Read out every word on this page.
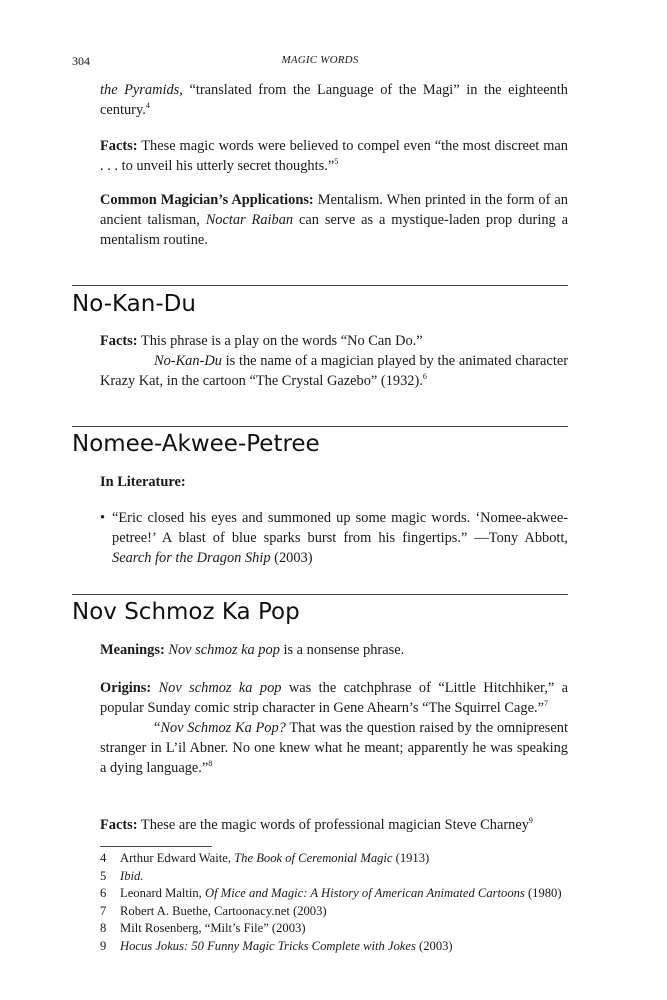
304	MAGIC WORDS

the Pyramids, “translated from the Language of the Magi” in the eighteenth century.$^4$

Facts: These magic words were believed to compel even “the most discreet man . . . to unveil his utterly secret thoughts.”$^5$

Common Magician’s Applications: Mentalism. When printed in the form of an ancient talisman, Noctar Raiban can serve as a mystique-laden prop during a mentalism routine.

No-Kan-Du

Facts: This phrase is a play on the words “No Can Do.”

No-Kan-Du is the name of a magician played by the animated character Krazy Kat, in the cartoon “The Crystal Gazebo” (1932).$^6$

Nomee-Akwee-Petree

In Literature:

• “Eric closed his eyes and summoned up some magic words. ‘Nomee-akwee-petree!’ A blast of blue sparks burst from his fingertips.” —Tony Abbott, Search for the Dragon Ship (2003)

Nov Schmoz Ka Pop

Meanings: Nov schmoz ka pop is a nonsense phrase.

Origins: Nov schmoz ka pop was the catchphrase of “Little Hitchhiker,” a popular Sunday comic strip character in Gene Ahearn’s “The Squirrel Cage.”$^7$

“Nov Schmoz Ka Pop? That was the question raised by the omnipresent stranger in L’il Abner. No one knew what he meant; apparently he was speaking a dying language.”$^8$

Facts: These are the magic words of professional magician Steve Charney$^9$

4 Arthur Edward Waite, The Book of Ceremonial Magic (1913)
5 Ibid.
6 Leonard Maltin, Of Mice and Magic: A History of American Animated Cartoons (1980)
7 Robert A. Buethe, Cartoonacy.net (2003)
8 Milt Rosenberg, “Milt’s File” (2003)
9 Hocus Jokus: 50 Funny Magic Tricks Complete with Jokes (2003)
